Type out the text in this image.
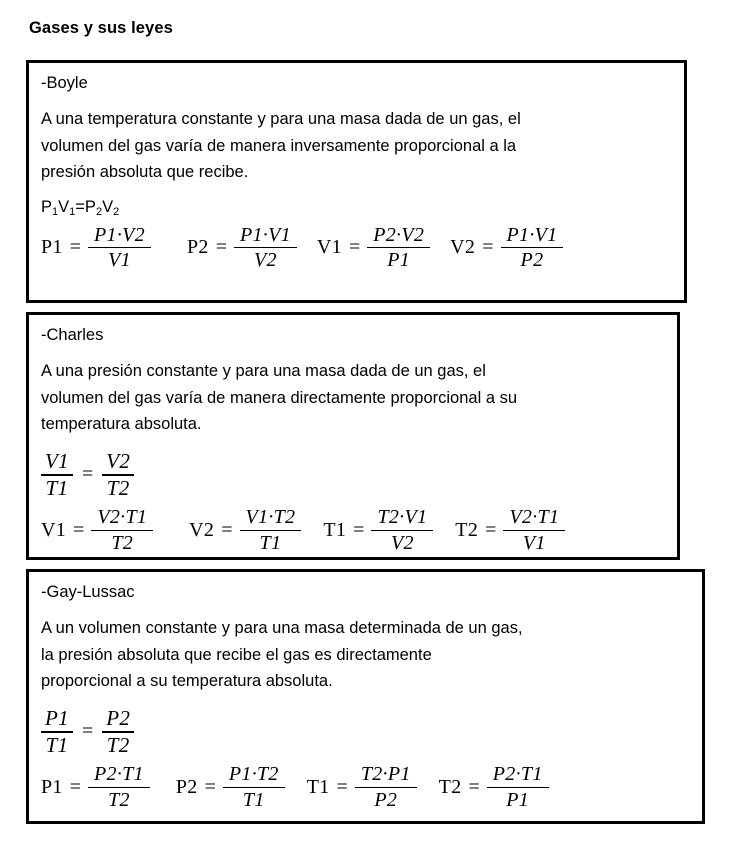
Gases y sus leyes
-Boyle
A una temperatura constante y para una masa dada de un gas, el
volumen del gas varía de manera inversamente proporcional a la
presión absoluta que recibe.
$P_1V_1=P_2V_2$
$P1 = \frac{P1\cdot V2}{V1} P2 = \frac{P1\cdot V1}{V2} V1 = \frac{P2\cdot V2}{P1} V2 = \frac{P1\cdot V1}{P2}$
-Charles
A una presión constante y para una masa dada de un gas, el
volumen del gas varía de manera directamente proporcional a su
temperatura absoluta.
$\frac{V1}{T1} = \frac{V2}{T2}$
$V1 = \frac{V2\cdot T1}{T2} V2 = \frac{V1\cdot T2}{T1} T1 = \frac{T2\cdot V1}{V2} T2 = \frac{V2\cdot T1}{V1}$
-Gay-Lussac
A un volumen constante y para una masa determinada de un gas,
la presión absoluta que recibe el gas es directamente
proporcional a su temperatura absoluta.
$\frac{P1}{T1} = \frac{P2}{T2}$
$P1 = \frac{P2\cdot T1}{T2} P2 = \frac{P1\cdot T2}{T1} T1 = \frac{T2\cdot P1}{P2} T2 = \frac{P2\cdot T1}{P1}$
